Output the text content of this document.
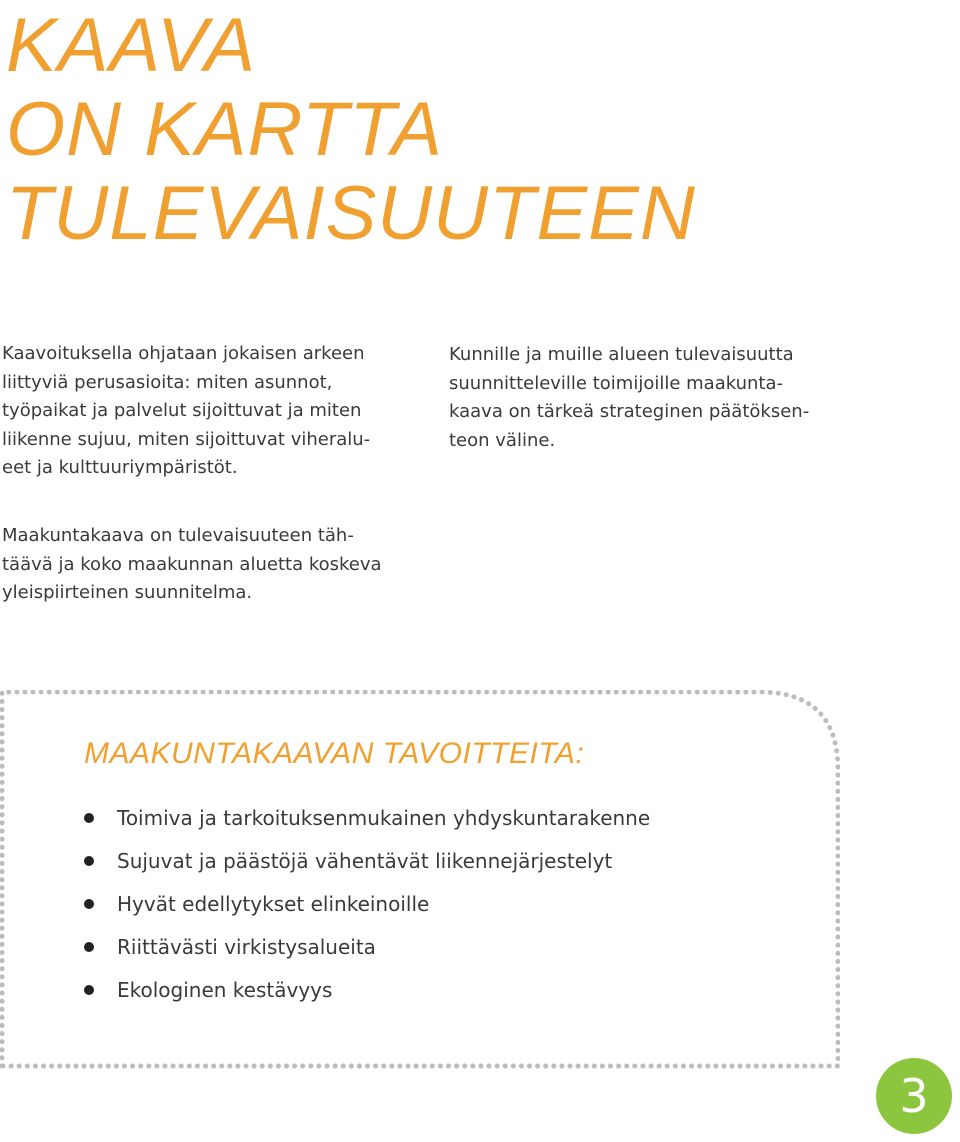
KAAVA
ON KARTTA
TULEVAISUUTEEN

Kaavoituksella ohjataan jokaisen arkeen
liittyviä perusasioita: miten asunnot,
työpaikat ja palvelut sijoittuvat ja miten
liikenne sujuu, miten sijoittuvat viheralu-
eet ja kulttuuriympäristöt.

Kunnille ja muille alueen tulevaisuutta
suunnitteleville toimijoille maakunta-
kaava on tärkeä strateginen päätöksen-
teon väline.

Maakuntakaava on tulevaisuuteen täh-
täävä ja koko maakunnan aluetta koskeva
yleispiirteinen suunnitelma.

MAAKUNTAKAAVAN TAVOITTEITA:
Toimiva ja tarkoituksenmukainen yhdyskuntarakenne
Sujuvat ja päästöjä vähentävät liikennejärjestelyt
Hyvät edellytykset elinkeinoille
Riittävästi virkistysalueita
Ekologinen kestävyys
3
